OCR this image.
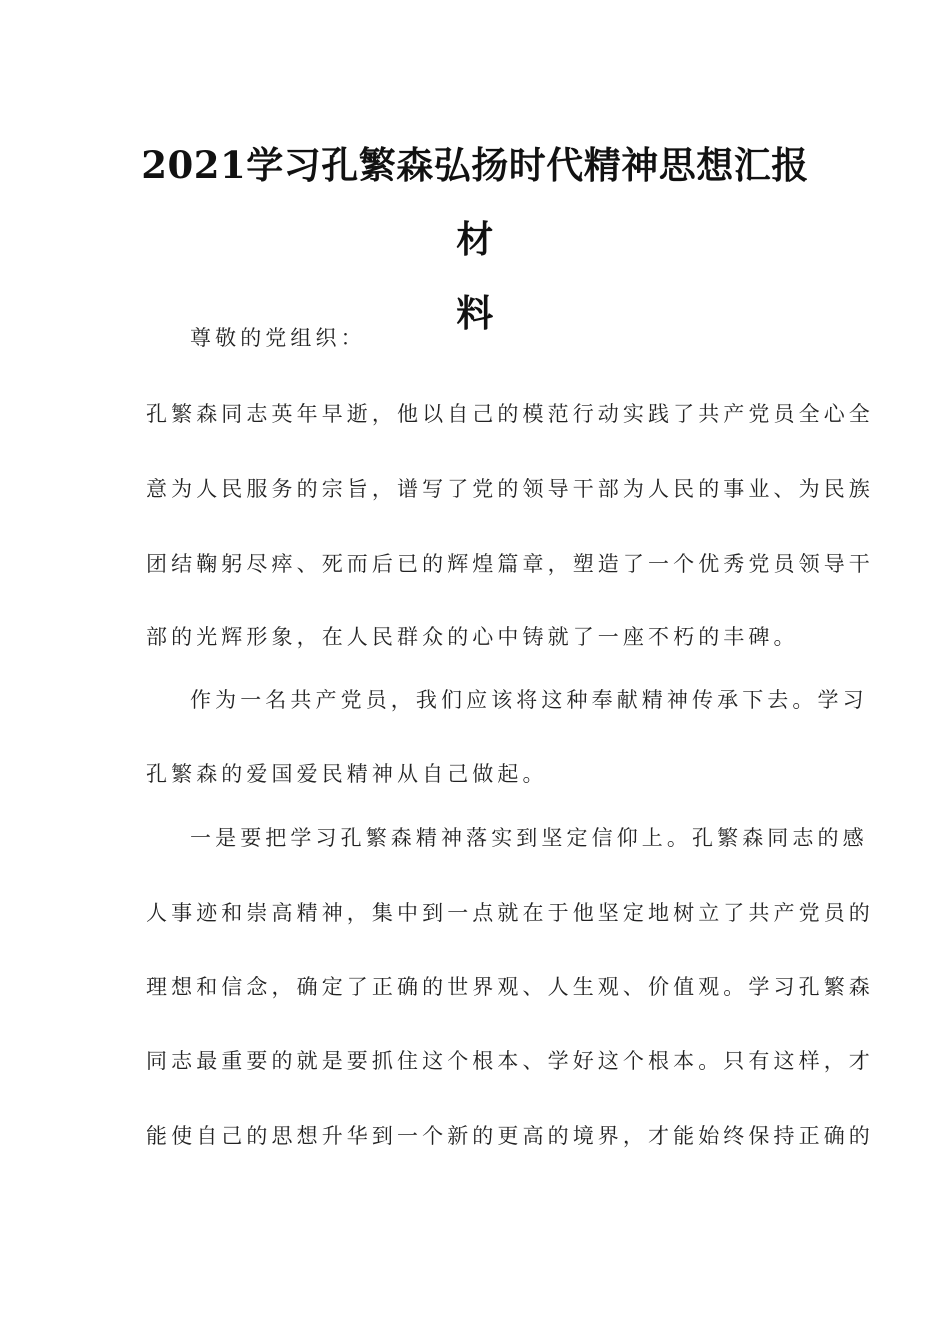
2021学习孔繁森弘扬时代精神思想汇报材
料
尊敬的党组织：
孔繁森同志英年早逝，他以自己的模范行动实践了共产党员全心全
意为人民服务的宗旨，谱写了党的领导干部为人民的事业、为民族
团结鞠躬尽瘁、死而后已的辉煌篇章，塑造了一个优秀党员领导干
部的光辉形象，在人民群众的心中铸就了一座不朽的丰碑。
作为一名共产党员，我们应该将这种奉献精神传承下去。学习
孔繁森的爱国爱民精神从自己做起。
一是要把学习孔繁森精神落实到坚定信仰上。孔繁森同志的感
人事迹和崇高精神，集中到一点就在于他坚定地树立了共产党员的
理想和信念，确定了正确的世界观、人生观、价值观。学习孔繁森
同志最重要的就是要抓住这个根本、学好这个根本。只有这样，才
能使自己的思想升华到一个新的更高的境界，才能始终保持正确的
